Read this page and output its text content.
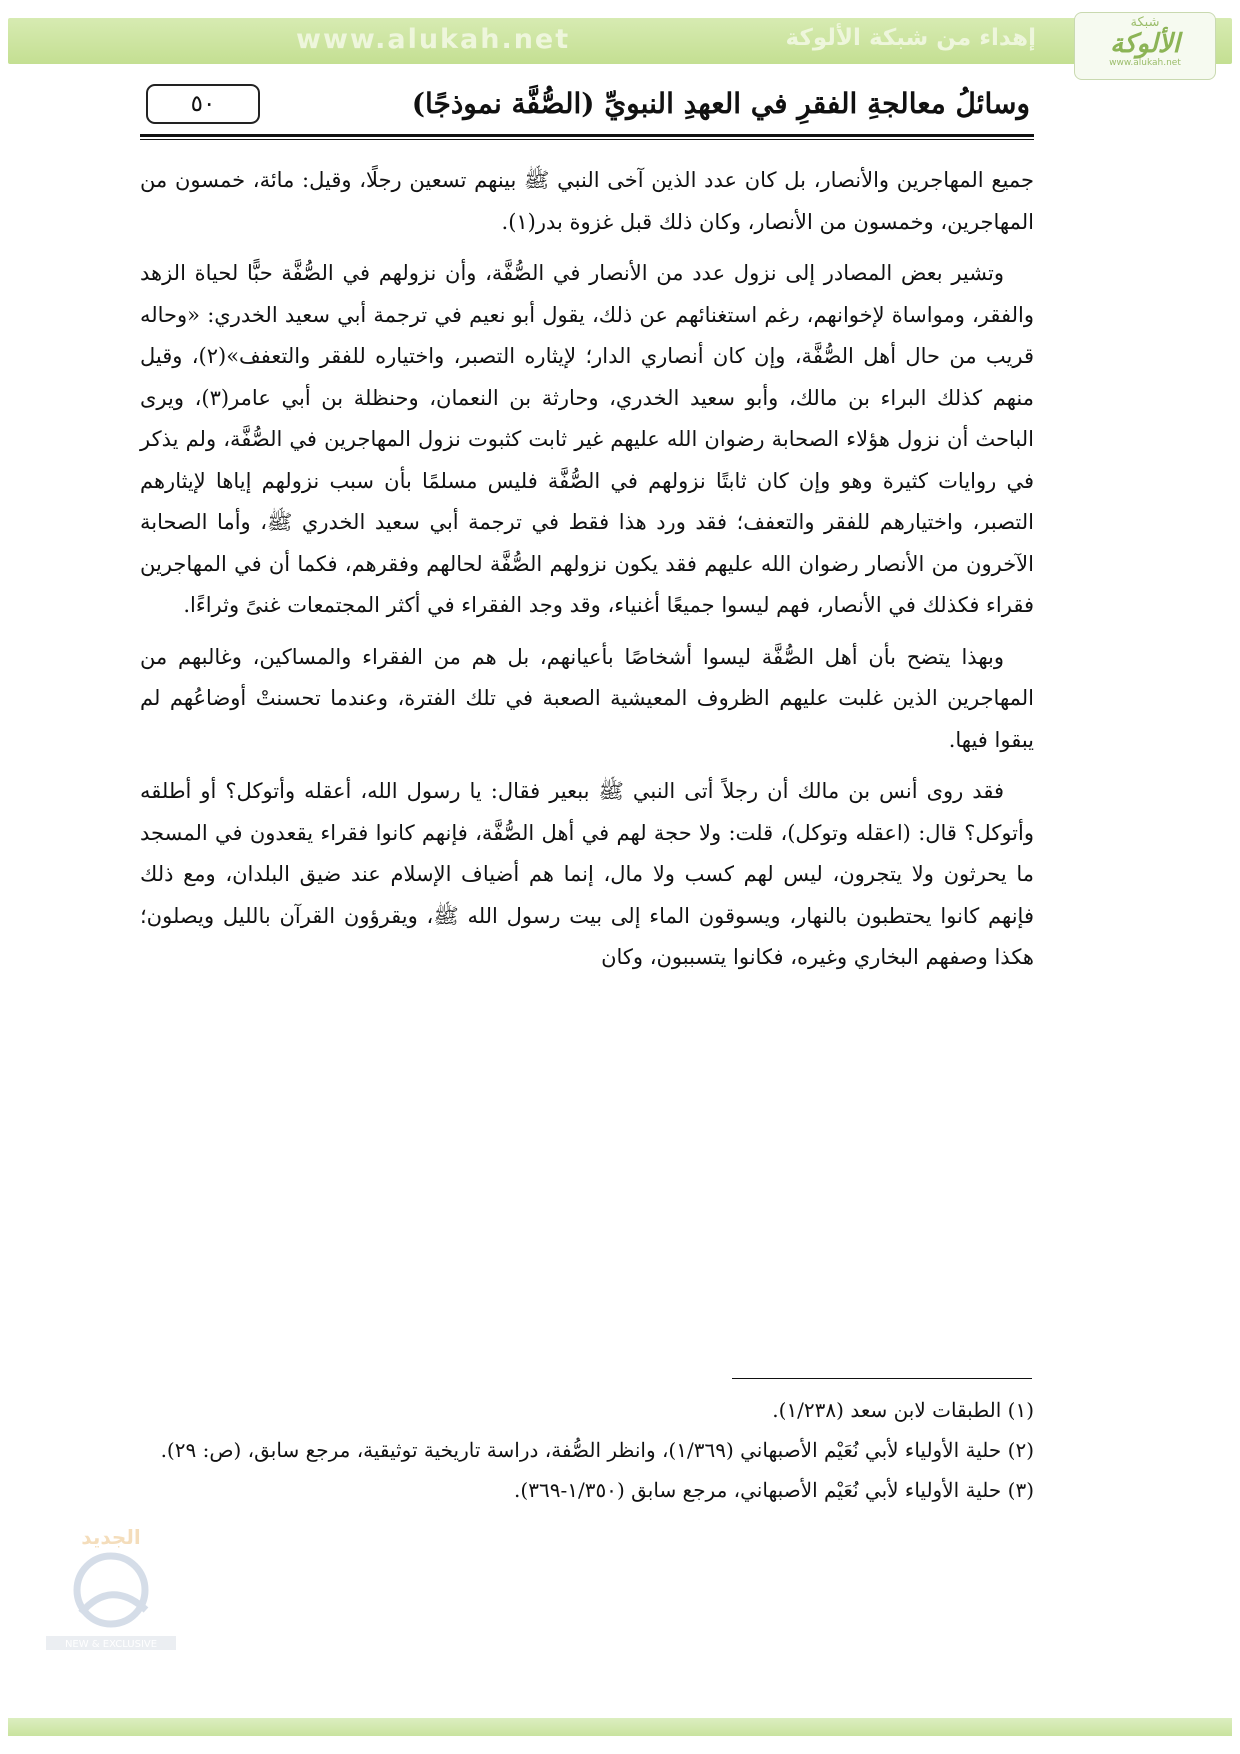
www.alukah.net	إهداء من شبكة الألوكة
شبكة
الألوكة
www.alukah.net
٥٠	وسائلُ معالجةِ الفقرِ في العهدِ النبويِّ (الصُّفَّة نموذجًا)

جميع المهاجرين والأنصار، بل كان عدد الذين آخى النبي ﷺ بينهم تسعين رجلًا، وقيل: مائة، خمسون من المهاجرين، وخمسون من الأنصار، وكان ذلك قبل غزوة بدر(١).

وتشير بعض المصادر إلى نزول عدد من الأنصار في الصُّفَّة، وأن نزولهم في الصُّفَّة حبًّا لحياة الزهد والفقر، ومواساة لإخوانهم، رغم استغنائهم عن ذلك، يقول أبو نعيم في ترجمة أبي سعيد الخدري: «وحاله قريب من حال أهل الصُّفَّة، وإن كان أنصاري الدار؛ لإيثاره التصبر، واختياره للفقر والتعفف»(٢)، وقيل منهم كذلك البراء بن مالك، وأبو سعيد الخدري، وحارثة بن النعمان، وحنظلة بن أبي عامر(٣)، ويرى الباحث أن نزول هؤلاء الصحابة رضوان الله عليهم غير ثابت كثبوت نزول المهاجرين في الصُّفَّة، ولم يذكر في روايات كثيرة وهو وإن كان ثابتًا نزولهم في الصُّفَّة فليس مسلمًا بأن سبب نزولهم إياها لإيثارهم التصبر، واختيارهم للفقر والتعفف؛ فقد ورد هذا فقط في ترجمة أبي سعيد الخدري ﷺ، وأما الصحابة الآخرون من الأنصار رضوان الله عليهم فقد يكون نزولهم الصُّفَّة لحالهم وفقرهم، فكما أن في المهاجرين فقراء فكذلك في الأنصار، فهم ليسوا جميعًا أغنياء، وقد وجد الفقراء في أكثر المجتمعات غنىً وثراءًا.

وبهذا يتضح بأن أهل الصُّفَّة ليسوا أشخاصًا بأعيانهم، بل هم من الفقراء والمساكين، وغالبهم من المهاجرين الذين غلبت عليهم الظروف المعيشية الصعبة في تلك الفترة، وعندما تحسنتْ أوضاعُهم لم يبقوا فيها.

فقد روى أنس بن مالك أن رجلاً أتى النبي ﷺ ببعير فقال: يا رسول الله، أعقله وأتوكل؟ أو أطلقه وأتوكل؟ قال: (اعقله وتوكل)، قلت: ولا حجة لهم في أهل الصُّفَّة، فإنهم كانوا فقراء يقعدون في المسجد ما يحرثون ولا يتجرون، ليس لهم كسب ولا مال، إنما هم أضياف الإسلام عند ضيق البلدان، ومع ذلك فإنهم كانوا يحتطبون بالنهار، ويسوقون الماء إلى بيت رسول الله ﷺ، ويقرؤون القرآن بالليل ويصلون؛ هكذا وصفهم البخاري وغيره، فكانوا يتسببون، وكان

(١) الطبقات لابن سعد (١/٢٣٨).

(٢) حلية الأولياء لأبي نُعَيْم الأصبهاني (١/٣٦٩)، وانظر الصُّفة، دراسة تاريخية توثيقية، مرجع سابق، (ص: ٢٩).

(٣) حلية الأولياء لأبي نُعَيْم الأصبهاني، مرجع سابق (١/٣٥٠-٣٦٩).

الجديد
NEW & EXCLUSIVE
